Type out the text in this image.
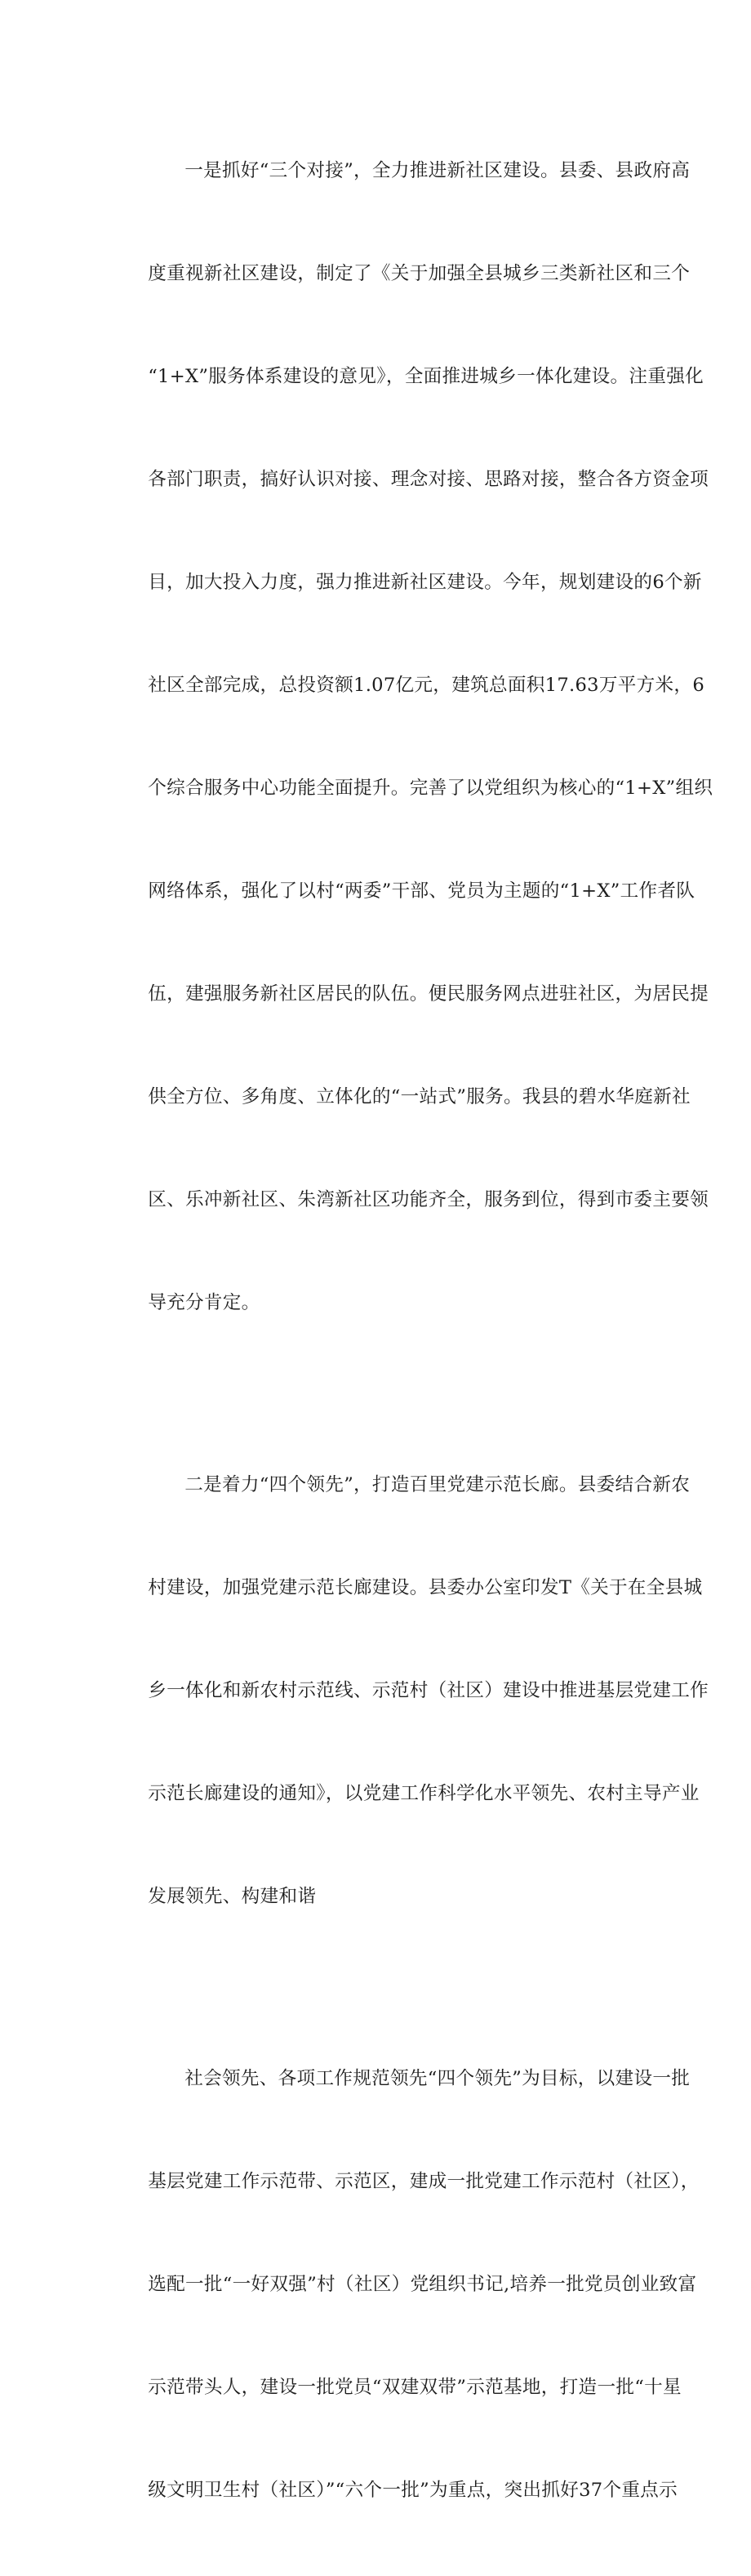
一是抓好“三个对接”，全力推进新社区建设。县委、县政府高

度重视新社区建设，制定了《关于加强全县城乡三类新社区和三个

“1+X”服务体系建设的意见》，全面推进城乡一体化建设。注重强化

各部门职责，搞好认识对接、理念对接、思路对接，整合各方资金项

目，加大投入力度，强力推进新社区建设。今年，规划建设的6个新

社区全部完成，总投资额1.07亿元，建筑总面积17.63万平方米，6

个综合服务中心功能全面提升。完善了以党组织为核心的“1+X”组织

网络体系，强化了以村“两委”干部、党员为主题的“1+X”工作者队

伍，建强服务新社区居民的队伍。便民服务网点进驻社区，为居民提

供全方位、多角度、立体化的“一站式”服务。我县的碧水华庭新社

区、乐冲新社区、朱湾新社区功能齐全，服务到位，得到市委主要领

导充分肯定。

二是着力“四个领先”，打造百里党建示范长廊。县委结合新农

村建设，加强党建示范长廊建设。县委办公室印发T《关于在全县城

乡一体化和新农村示范线、示范村（社区）建设中推进基层党建工作

示范长廊建设的通知》，以党建工作科学化水平领先、农村主导产业

发展领先、构建和谐

社会领先、各项工作规范领先“四个领先”为目标，以建设一批

基层党建工作示范带、示范区，建成一批党建工作示范村（社区），

选配一批“一好双强”村（社区）党组织书记,培养一批党员创业致富

示范带头人，建设一批党员“双建双带”示范基地，打造一批“十星

级文明卫生村（社区）”“六个一批”为重点，突出抓好37个重点示
